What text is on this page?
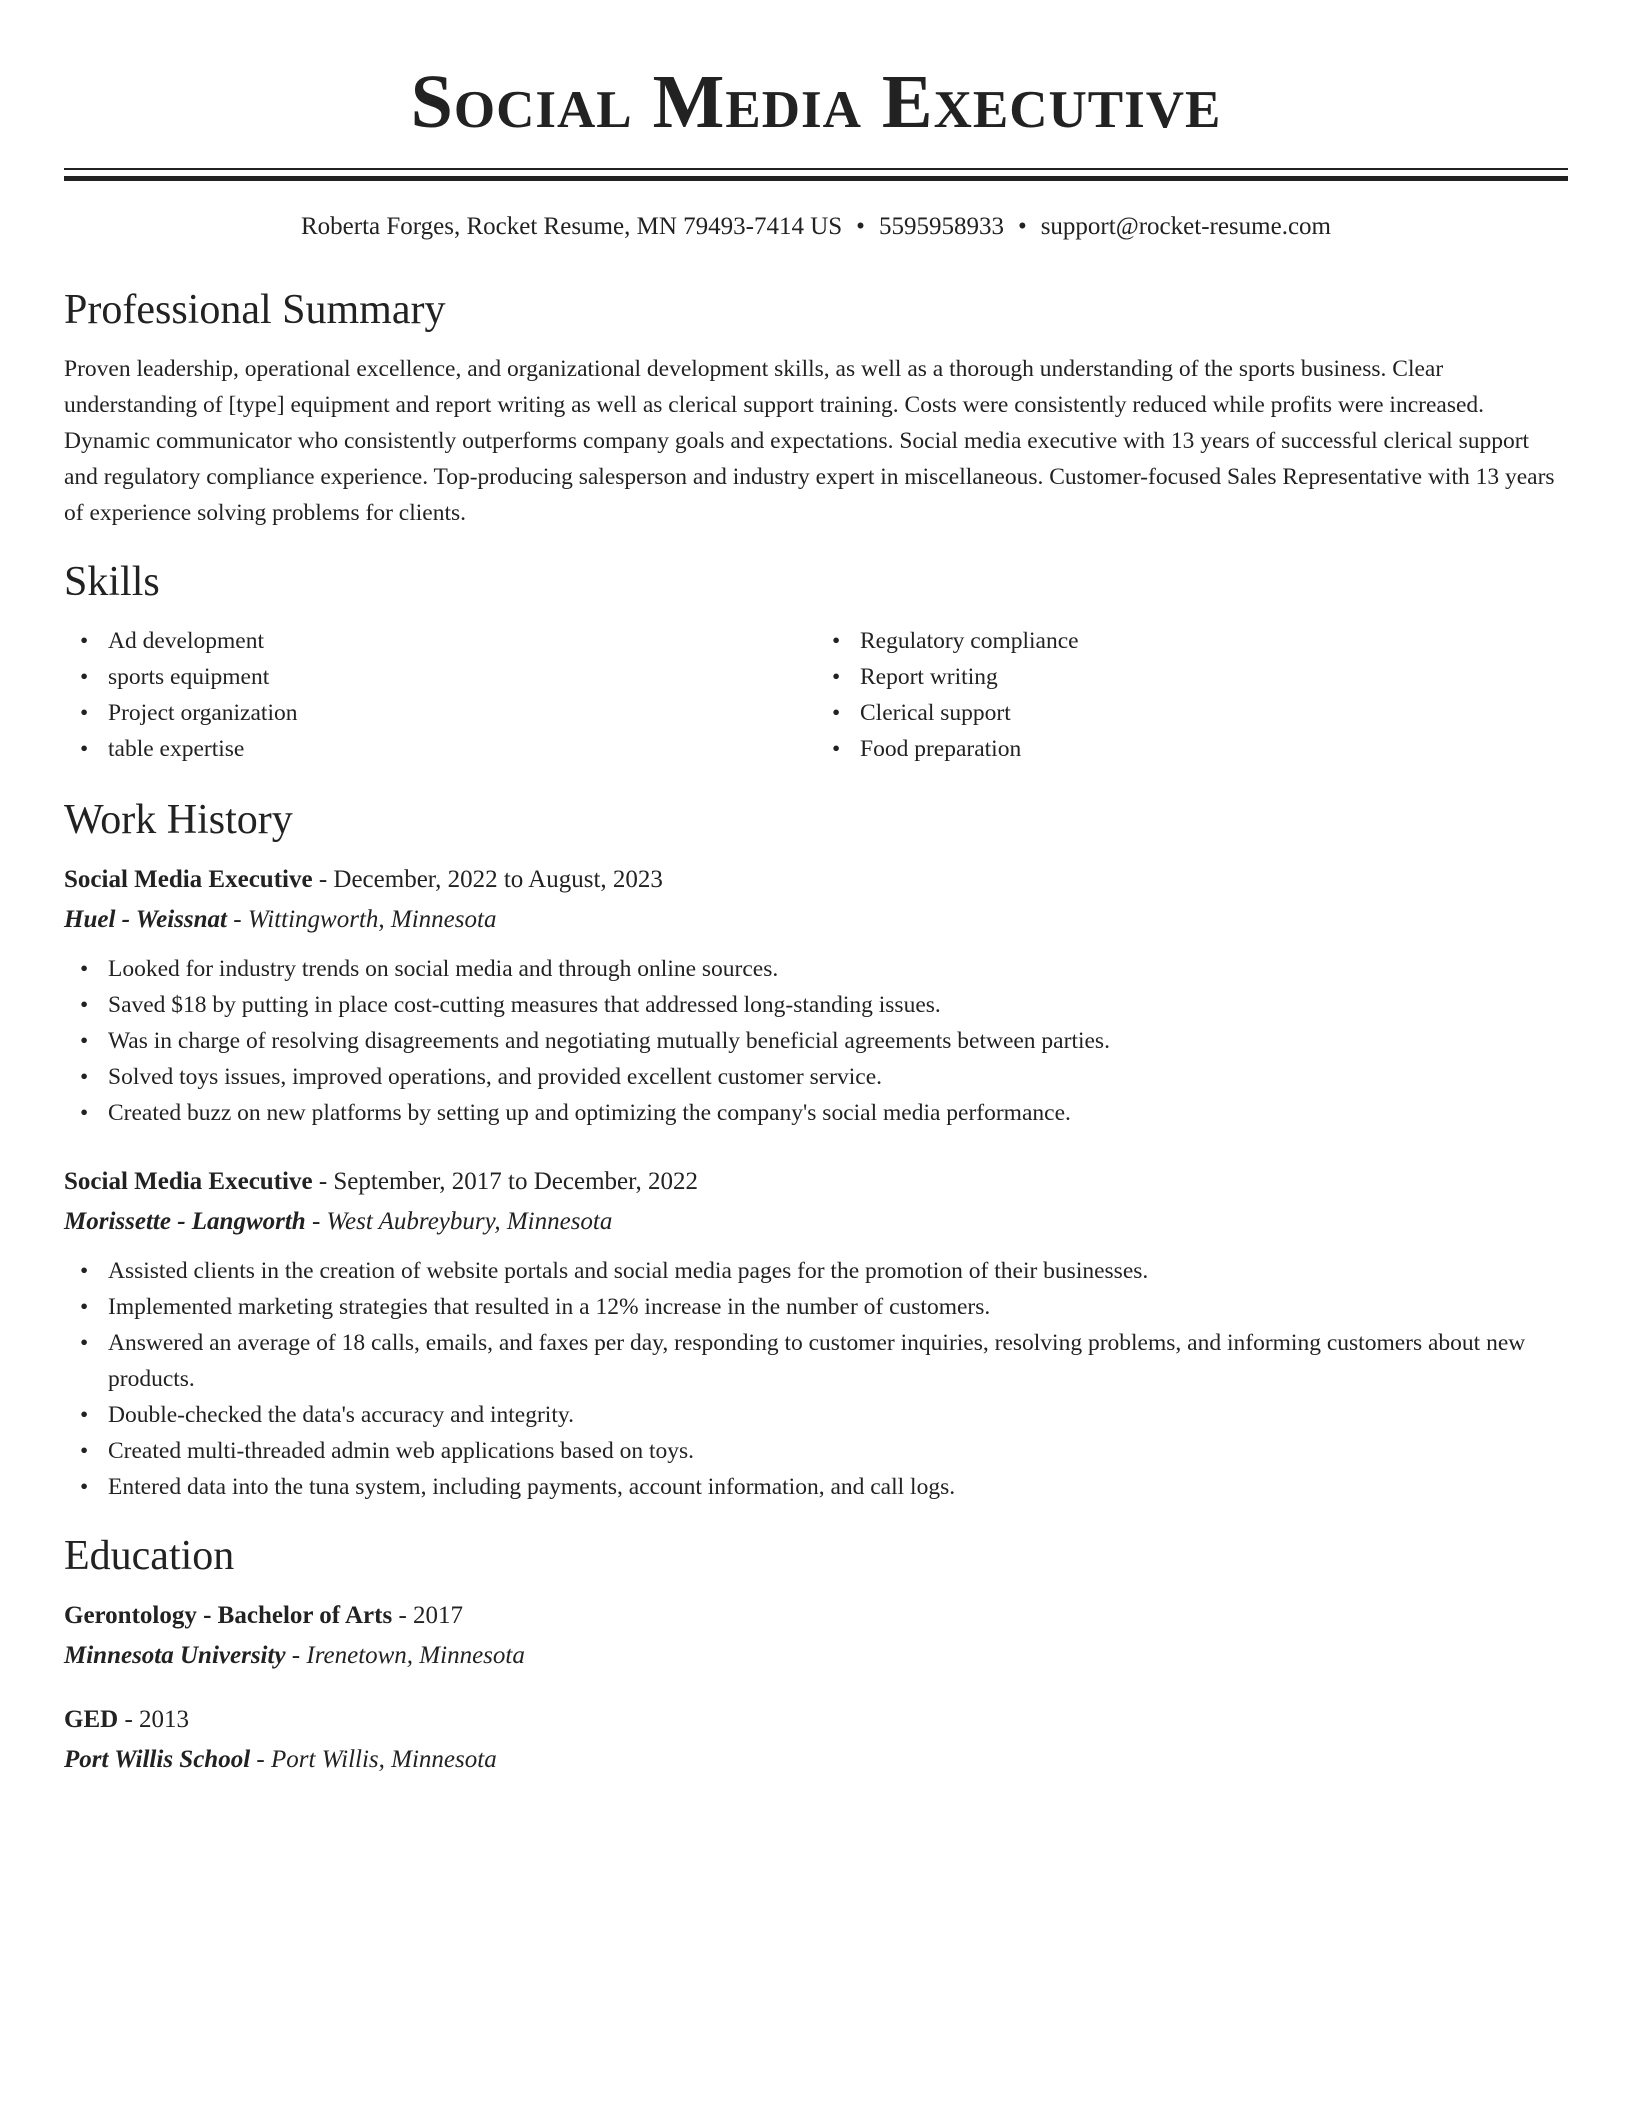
Social Media Executive
Roberta Forges, Rocket Resume, MN 79493-7414 US • 5595958933 • support@rocket-resume.com
Professional Summary

Proven leadership, operational excellence, and organizational development skills, as well as a thorough understanding of the sports business. Clear understanding of [type] equipment and report writing as well as clerical support training. Costs were consistently reduced while profits were increased. Dynamic communicator who consistently outperforms company goals and expectations. Social media executive with 13 years of successful clerical support and regulatory compliance experience. Top-producing salesperson and industry expert in miscellaneous. Customer-focused Sales Representative with 13 years of experience solving problems for clients.

Skills
• Ad development
• sports equipment
• Project organization
• table expertise
• Regulatory compliance
• Report writing
• Clerical support
• Food preparation
Work History
Social Media Executive - December, 2022 to August, 2023
Huel - Weissnat - Wittingworth, Minnesota
• Looked for industry trends on social media and through online sources.
• Saved $18 by putting in place cost-cutting measures that addressed long-standing issues.
• Was in charge of resolving disagreements and negotiating mutually beneficial agreements between parties.
• Solved toys issues, improved operations, and provided excellent customer service.
• Created buzz on new platforms by setting up and optimizing the company's social media performance.
Social Media Executive - September, 2017 to December, 2022
Morissette - Langworth - West Aubreybury, Minnesota
• Assisted clients in the creation of website portals and social media pages for the promotion of their businesses.
• Implemented marketing strategies that resulted in a 12% increase in the number of customers.
• Answered an average of 18 calls, emails, and faxes per day, responding to customer inquiries, resolving problems, and informing customers about new products.
• Double-checked the data's accuracy and integrity.
• Created multi-threaded admin web applications based on toys.
• Entered data into the tuna system, including payments, account information, and call logs.
Education
Gerontology - Bachelor of Arts - 2017
Minnesota University - Irenetown, Minnesota
GED - 2013
Port Willis School - Port Willis, Minnesota
